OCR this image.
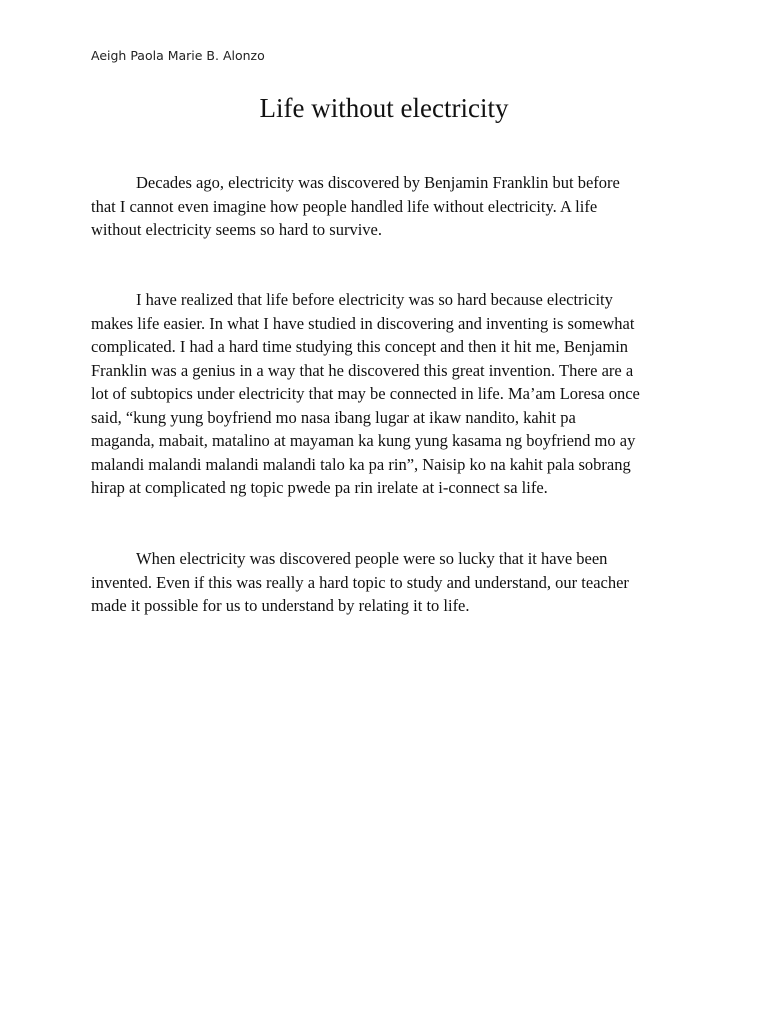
Aeigh Paola Marie B. Alonzo
Life without electricity
Decades ago, electricity was discovered by Benjamin Franklin but before
that I cannot even imagine how people handled life without electricity. A life
without electricity seems so hard to survive.
I have realized that life before electricity was so hard because electricity
makes life easier. In what I have studied in discovering and inventing is somewhat
complicated. I had a hard time studying this concept and then it hit me, Benjamin
Franklin was a genius in a way that he discovered this great invention. There are a
lot of subtopics under electricity that may be connected in life. Ma’am Loresa once
said, “kung yung boyfriend mo nasa ibang lugar at ikaw nandito, kahit pa
maganda, mabait, matalino at mayaman ka kung yung kasama ng boyfriend mo ay
malandi malandi malandi malandi talo ka pa rin”, Naisip ko na kahit pala sobrang
hirap at complicated ng topic pwede pa rin irelate at i-connect sa life.
When electricity was discovered people were so lucky that it have been
invented. Even if this was really a hard topic to study and understand, our teacher
made it possible for us to understand by relating it to life.
